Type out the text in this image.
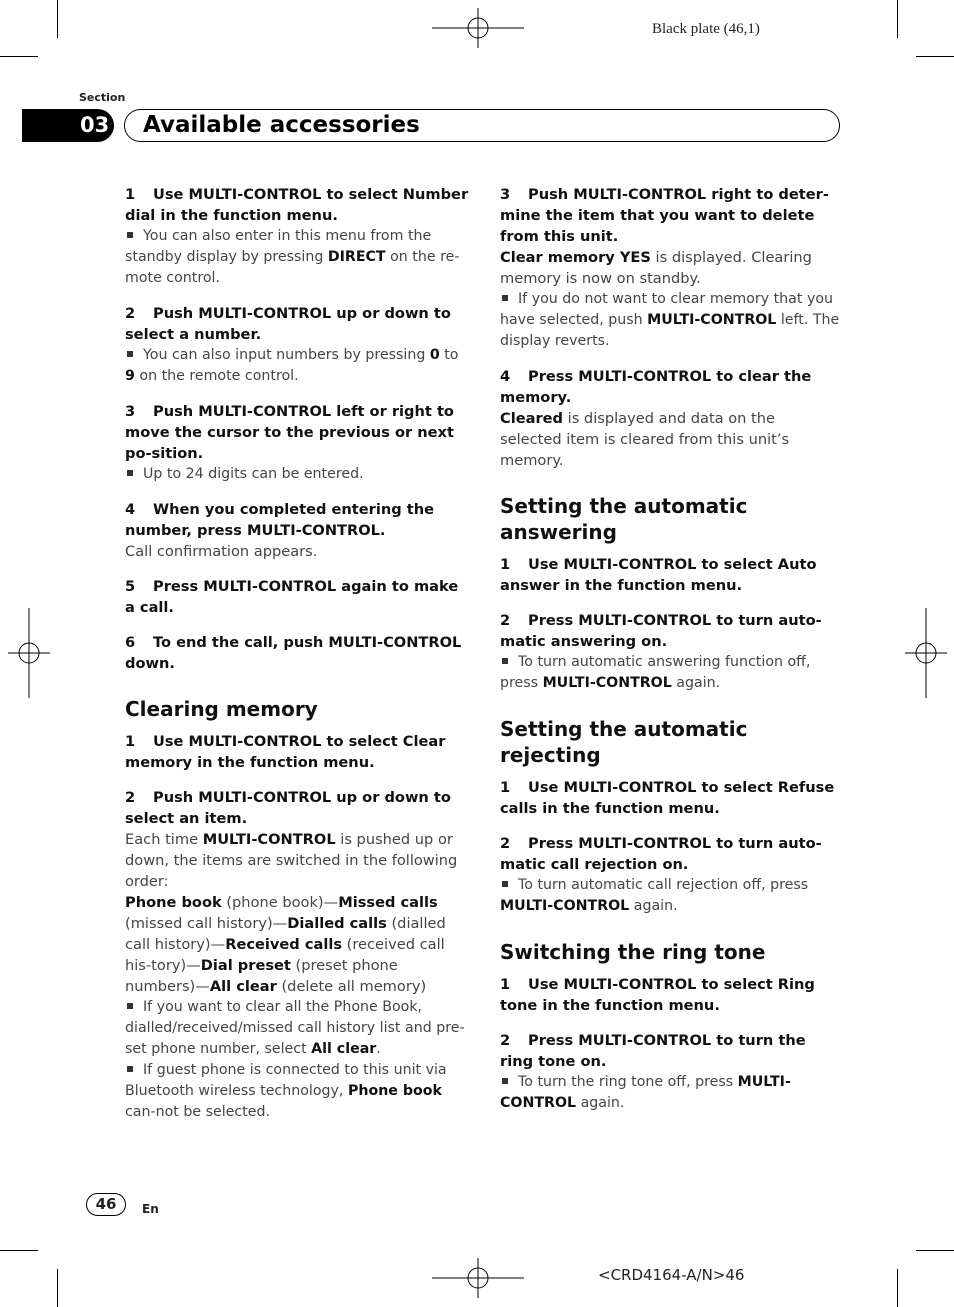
Black plate (46,1)
Section
03 Available accessories
1 Use MULTI-CONTROL to select Number dial in the function menu.
You can also enter in this menu from the standby display by pressing DIRECT on the re-mote control.
2 Push MULTI-CONTROL up or down to select a number.
You can also input numbers by pressing 0 to 9 on the remote control.
3 Push MULTI-CONTROL left or right to move the cursor to the previous or next po-sition.
Up to 24 digits can be entered.
4 When you completed entering the number, press MULTI-CONTROL.
Call confirmation appears.
5 Press MULTI-CONTROL again to make a call.
6 To end the call, push MULTI-CONTROL down.
Clearing memory
1 Use MULTI-CONTROL to select Clear memory in the function menu.
2 Push MULTI-CONTROL up or down to select an item.
Each time MULTI-CONTROL is pushed up or down, the items are switched in the following order:
Phone book (phone book)—Missed calls (missed call history)—Dialled calls (dialled call history)—Received calls (received call his-tory)—Dial preset (preset phone numbers)—All clear (delete all memory)
If you want to clear all the Phone Book, dialled/received/missed call history list and pre-set phone number, select All clear.
If guest phone is connected to this unit via Bluetooth wireless technology, Phone book can-not be selected.
3 Push MULTI-CONTROL right to deter-mine the item that you want to delete from this unit.
Clear memory YES is displayed. Clearing memory is now on standby.
If you do not want to clear memory that you have selected, push MULTI-CONTROL left. The display reverts.
4 Press MULTI-CONTROL to clear the memory.
Cleared is displayed and data on the selected item is cleared from this unit’s memory.
Setting the automatic answering
1 Use MULTI-CONTROL to select Auto answer in the function menu.
2 Press MULTI-CONTROL to turn auto-matic answering on.
To turn automatic answering function off, press MULTI-CONTROL again.
Setting the automatic rejecting
1 Use MULTI-CONTROL to select Refuse calls in the function menu.
2 Press MULTI-CONTROL to turn auto-matic call rejection on.
To turn automatic call rejection off, press MULTI-CONTROL again.
Switching the ring tone
1 Use MULTI-CONTROL to select Ring tone in the function menu.
2 Press MULTI-CONTROL to turn the ring tone on.
To turn the ring tone off, press MULTI-CONTROL again.
46	En
<CRD4164-A/N>46
